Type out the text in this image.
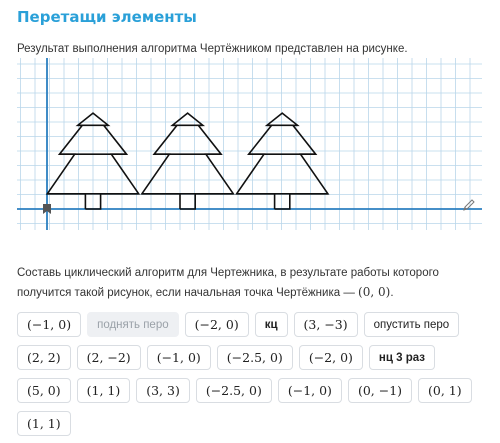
Перетащи элементы
Результат выполнения алгоритма Чертёжником представлен на рисунке.
Составь циклический алгоритм для Чертежника, в результате работы которого получится такой рисунок, если начальная точка Чертёжника — (0, 0).
(−1, 0)	поднять перо	(−2, 0)	кц	(3, −3)	опустить перо
(2, 2)	(2, −2)	(−1, 0)	(−2.5, 0)	(−2, 0)	нц 3 раз
(5, 0)	(1, 1)	(3, 3)	(−2.5, 0)	(−1, 0)	(0, −1)	(0, 1)
(1, 1)
